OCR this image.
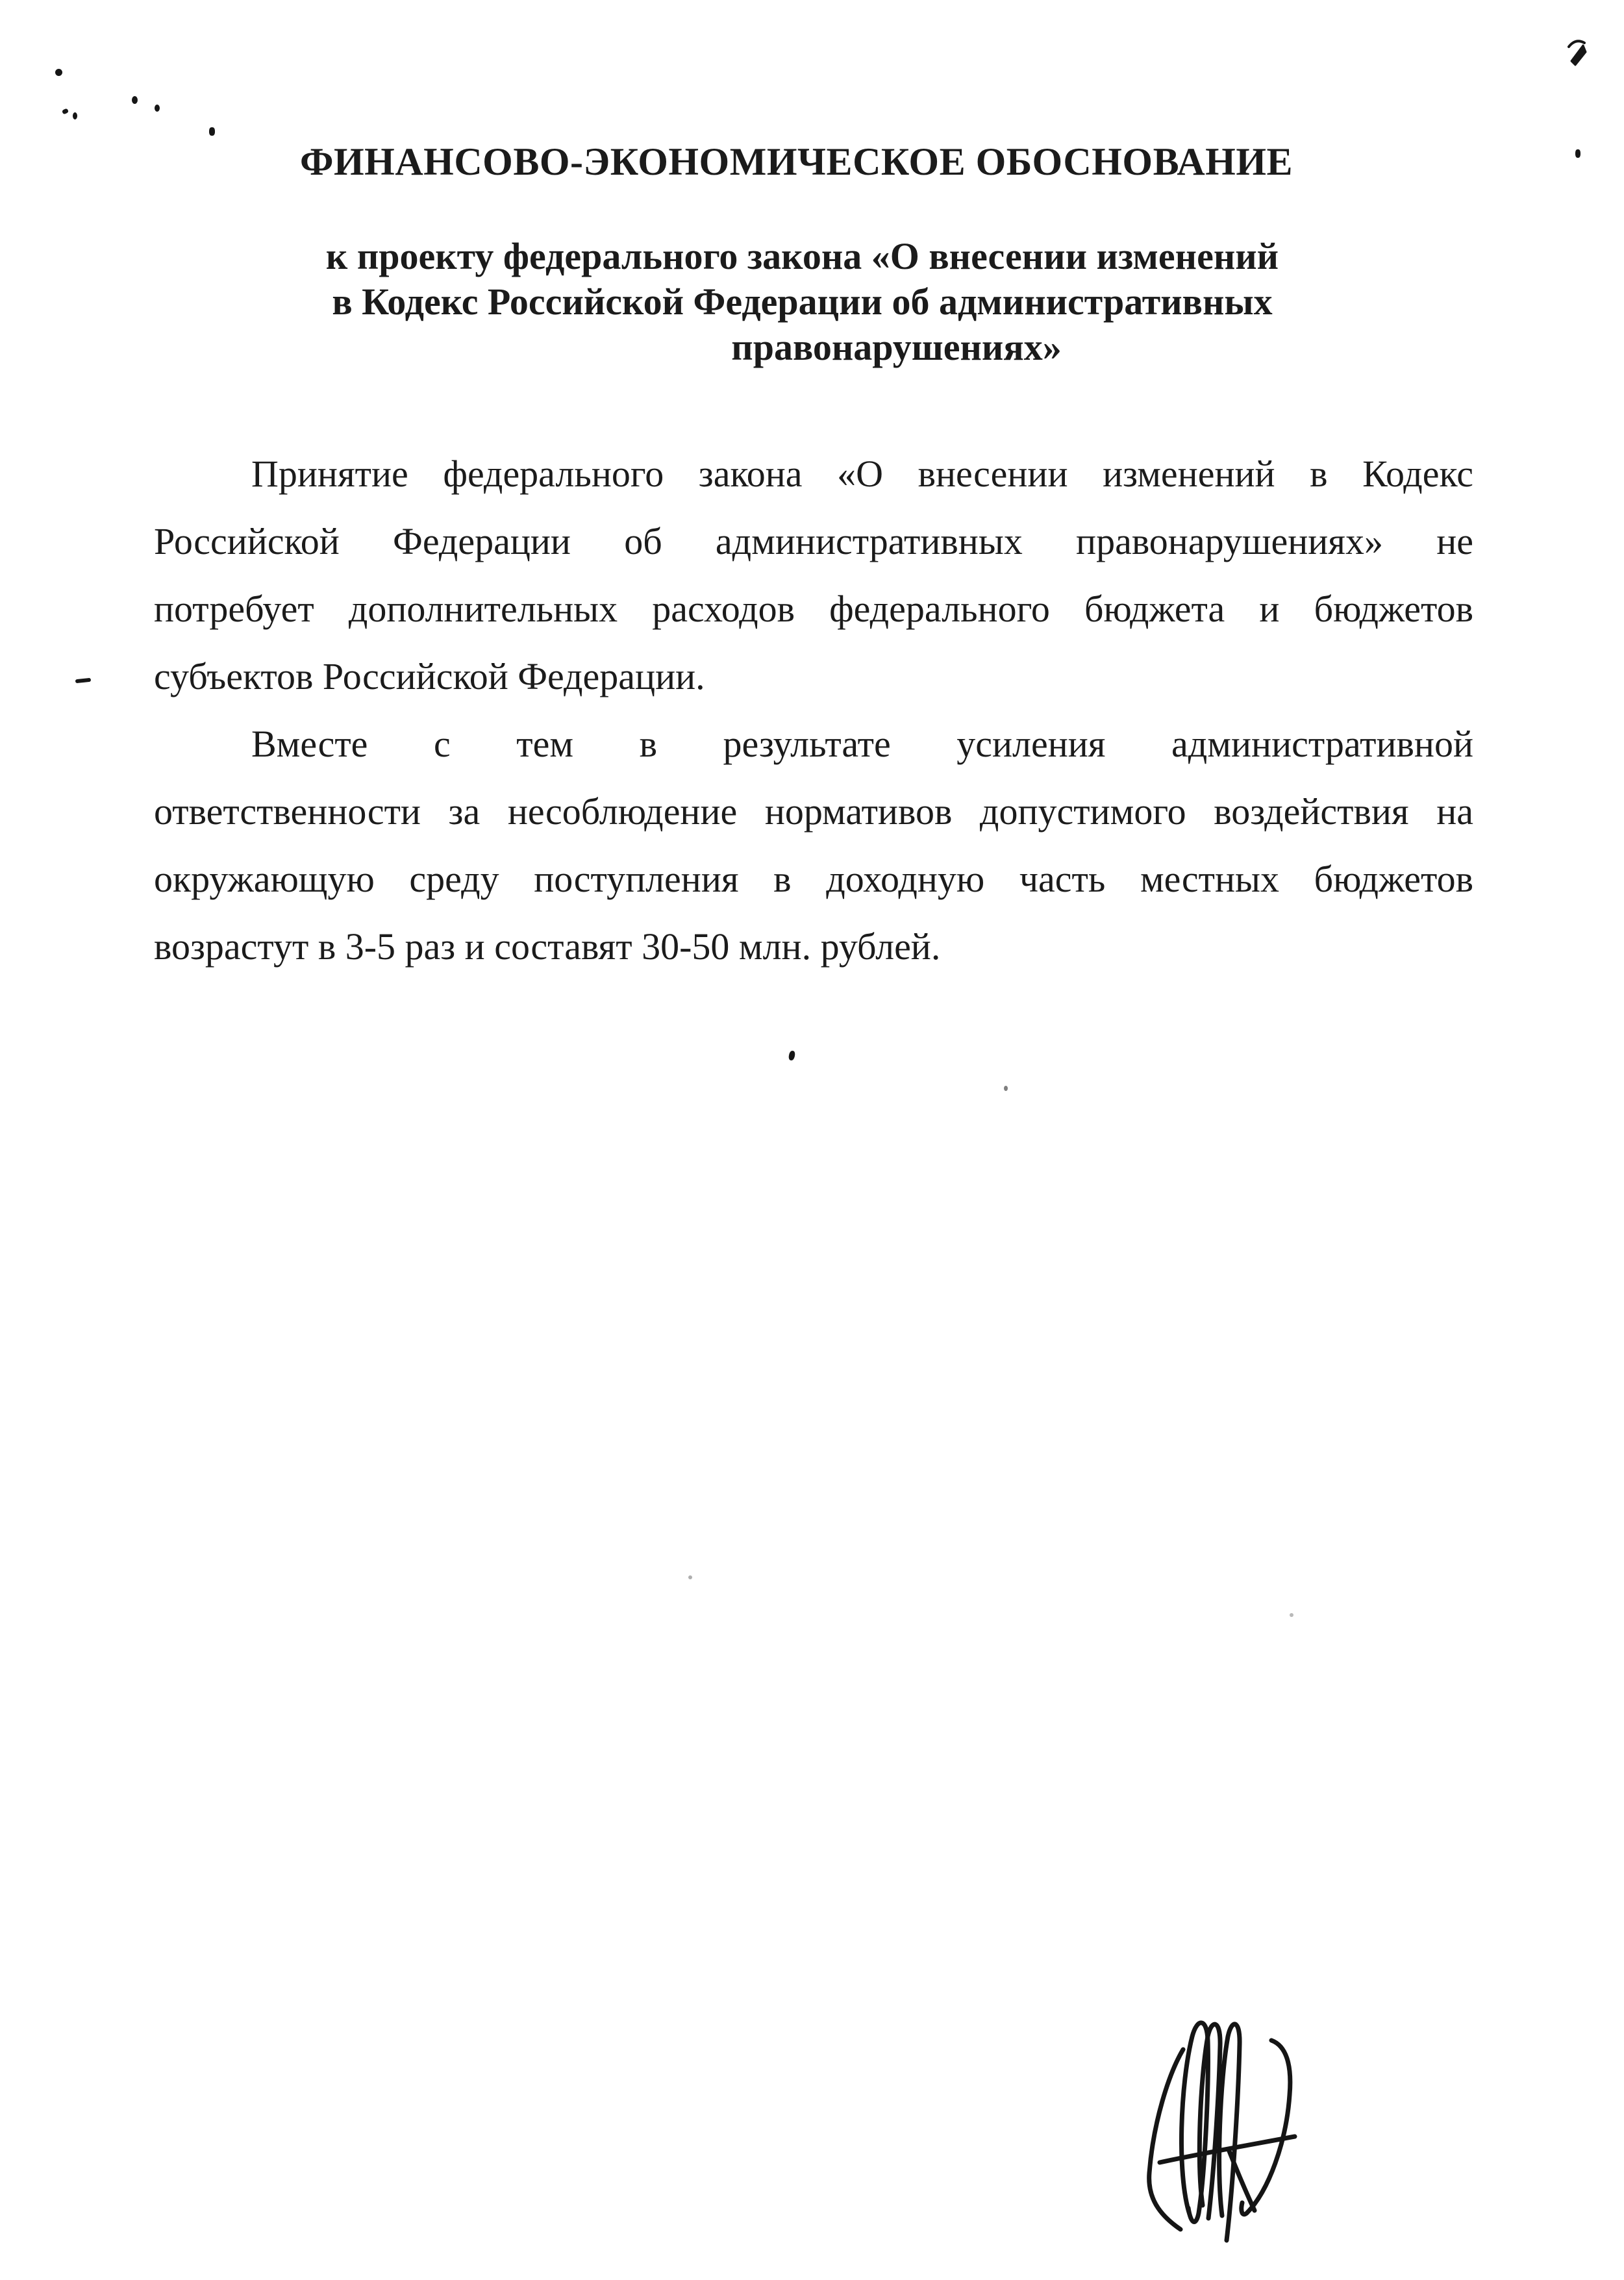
ФИНАНСОВО-ЭКОНОМИЧЕСКОЕ ОБОСНОВАНИЕ
к проекту федерального закона «О внесении изменений
в Кодекс Российской Федерации об административных
правонарушениях»
Принятие федерального закона «О внесении изменений в Кодекс
Российской Федерации об административных правонарушениях» не
потребует дополнительных расходов федерального бюджета и бюджетов
субъектов Российской Федерации.
Вместе с тем в результате усиления административной
ответственности за несоблюдение нормативов допустимого воздействия на
окружающую среду поступления в доходную часть местных бюджетов
возрастут в 3-5 раз и составят 30-50 млн. рублей.
